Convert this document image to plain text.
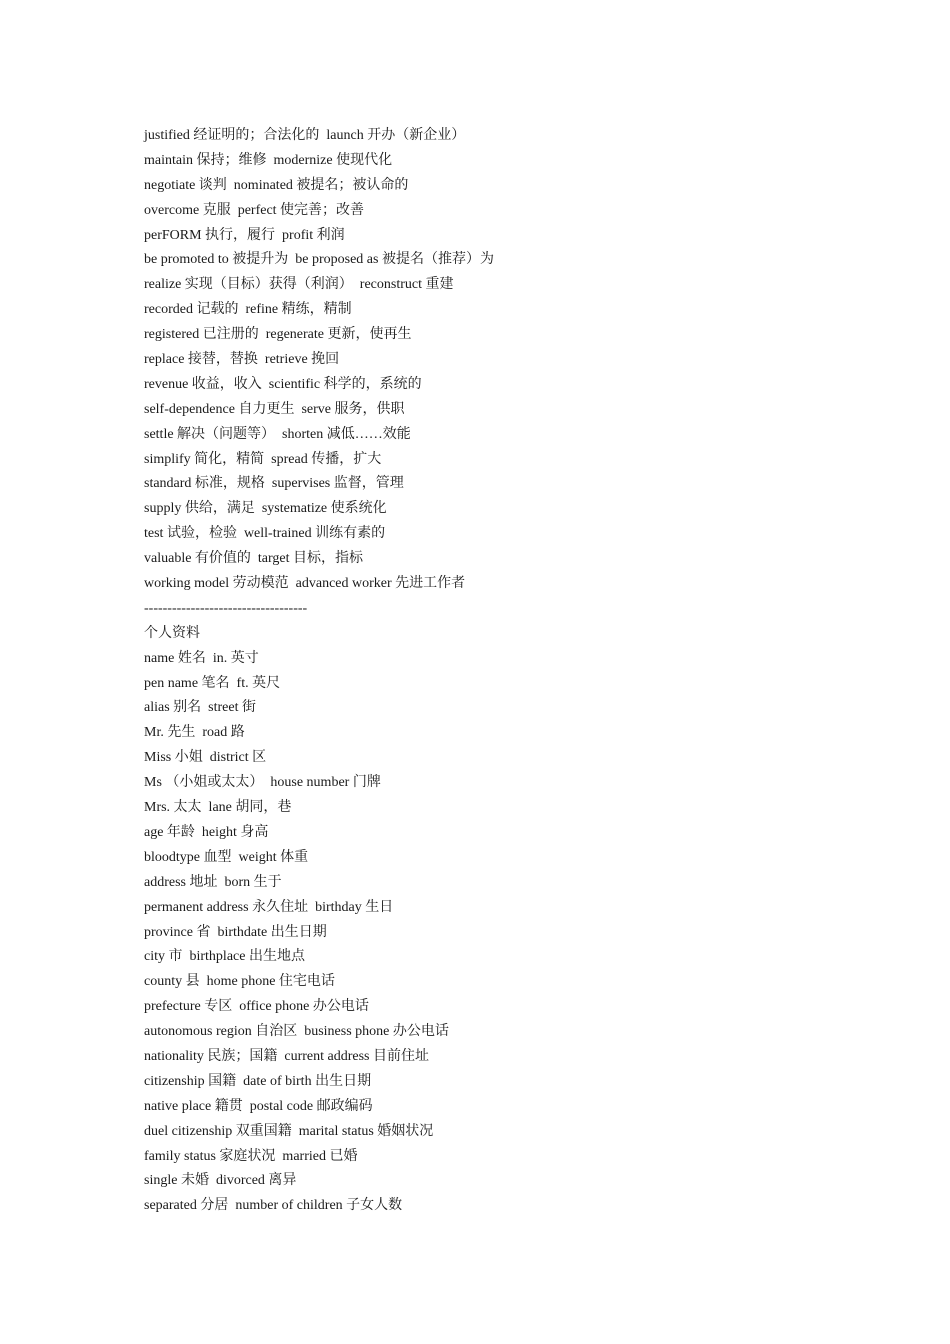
justified 经证明的；合法化的  launch 开办（新企业）
maintain 保持；维修  modernize 使现代化
negotiate 谈判  nominated 被提名；被认命的
overcome 克服  perfect 使完善；改善
perFORM 执行，履行  profit 利润
be promoted to 被提升为  be proposed as 被提名（推荐）为
realize 实现（目标）获得（利润）  reconstruct 重建
recorded 记载的  refine 精练，精制
registered 已注册的  regenerate 更新，使再生
replace 接替，替换  retrieve 挽回
revenue 收益，收入  scientific 科学的，系统的
self-dependence 自力更生  serve 服务，供职
settle 解决（问题等）  shorten 减低……效能
simplify 简化，精简  spread 传播，扩大
standard 标准，规格  supervises 监督，管理
supply 供给，满足  systematize 使系统化
test 试验，检验  well-trained 训练有素的
valuable 有价值的  target 目标，指标
working model 劳动模范  advanced worker 先进工作者
-----------------------------------
个人资料
name 姓名  in. 英寸
pen name 笔名  ft. 英尺
alias 别名  street 街
Mr. 先生  road 路
Miss 小姐  district 区
Ms （小姐或太太）  house number 门牌
Mrs. 太太  lane 胡同，巷
age 年龄  height 身高
bloodtype 血型  weight 体重
address 地址  born 生于
permanent address 永久住址  birthday 生日
province 省  birthdate 出生日期
city 市  birthplace 出生地点
county 县  home phone 住宅电话
prefecture 专区  office phone 办公电话
autonomous region 自治区  business phone 办公电话
nationality 民族；国籍  current address 目前住址
citizenship 国籍  date of birth 出生日期
native place 籍贯  postal code 邮政编码
duel citizenship 双重国籍  marital status 婚姻状况
family status 家庭状况  married 已婚
single 未婚  divorced 离异
separated 分居  number of children 子女人数
